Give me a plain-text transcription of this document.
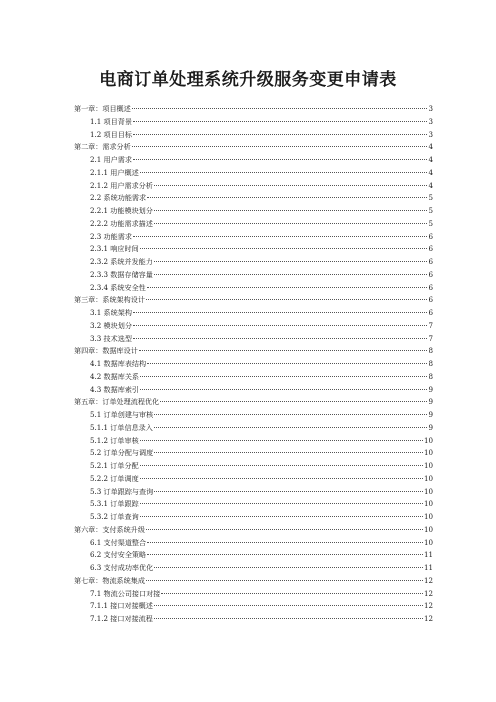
电商订单处理系统升级服务变更申请表
第一章：项目概述	3
1.1 项目背景	3
1.2 项目目标	3
第二章：需求分析	4
2.1 用户需求	4
2.1.1 用户概述	4
2.1.2 用户需求分析	4
2.2 系统功能需求	5
2.2.1 功能模块划分	5
2.2.2 功能需求描述	5
2.3 功能需求	6
2.3.1 响应时间	6
2.3.2 系统并发能力	6
2.3.3 数据存储容量	6
2.3.4 系统安全性	6
第三章：系统架构设计	6
3.1 系统架构	6
3.2 模块划分	7
3.3 技术选型	7
第四章：数据库设计	8
4.1 数据库表结构	8
4.2 数据库关系	8
4.3 数据库索引	9
第五章：订单处理流程优化	9
5.1 订单创建与审核	9
5.1.1 订单信息录入	9
5.1.2 订单审核	10
5.2 订单分配与调度	10
5.2.1 订单分配	10
5.2.2 订单调度	10
5.3 订单跟踪与查询	10
5.3.1 订单跟踪	10
5.3.2 订单查询	10
第六章：支付系统升级	10
6.1 支付渠道整合	10
6.2 支付安全策略	11
6.3 支付成功率优化	11
第七章：物流系统集成	12
7.1 物流公司接口对接	12
7.1.1 接口对接概述	12
7.1.2 接口对接流程	12
